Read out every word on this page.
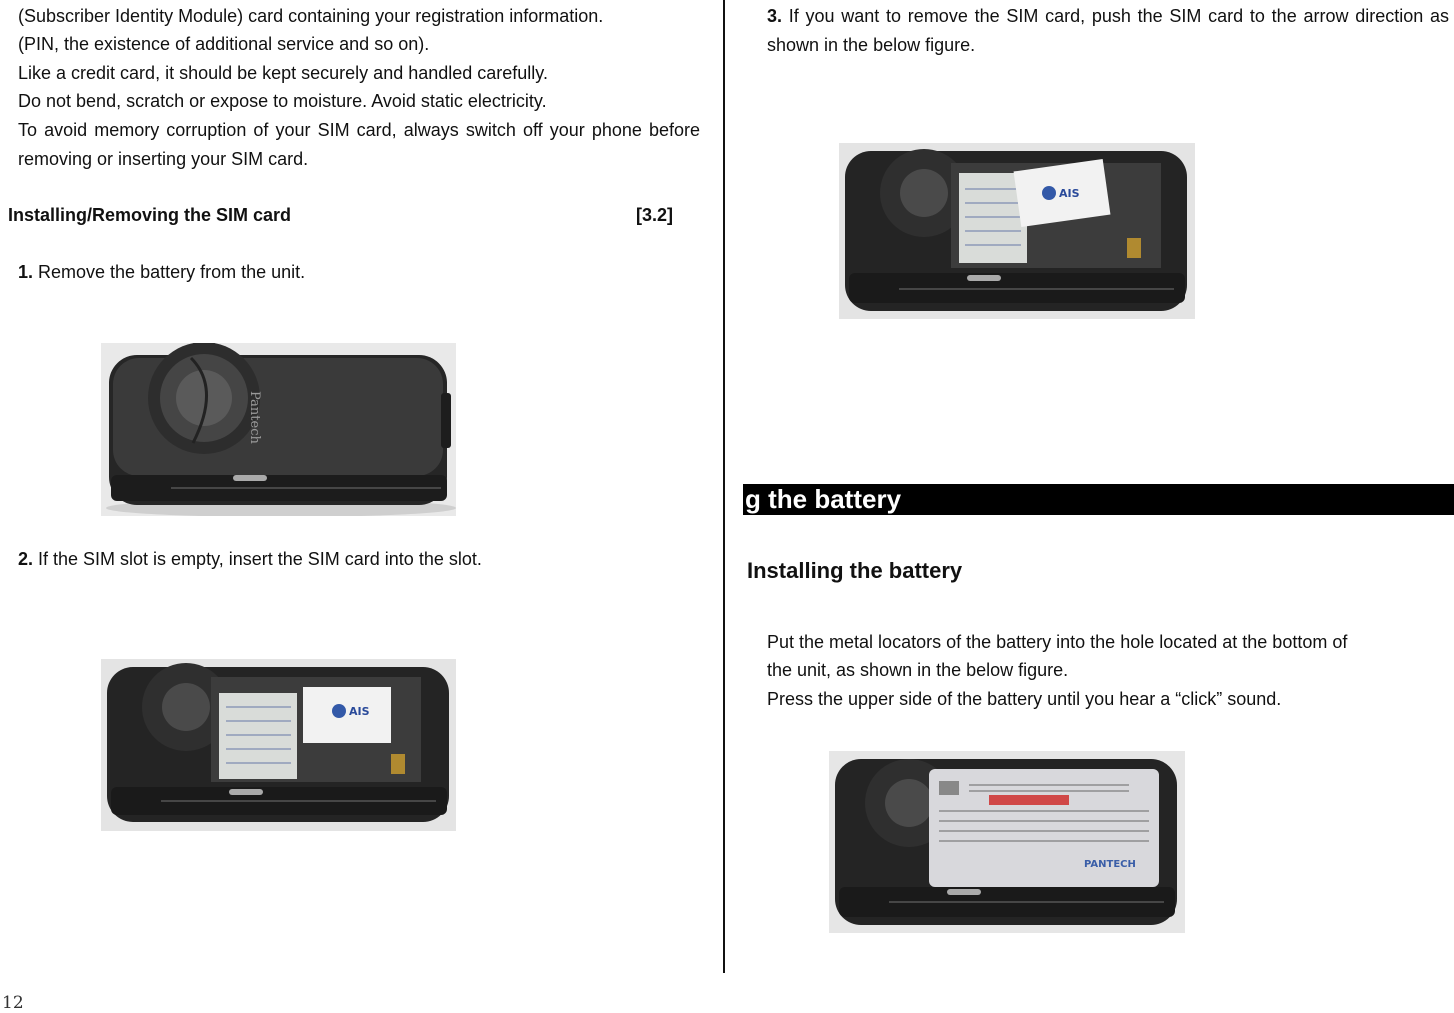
(Subscriber Identity Module) card containing your registration information.
(PIN, the existence of additional service and so on).
Like a credit card, it should be kept securely and handled carefully.
Do not bend, scratch or expose to moisture. Avoid static electricity.
To avoid memory corruption of your SIM card, always switch off your phone before removing or inserting your SIM card.
Installing/Removing the SIM card	[3.2]
1. Remove the battery from the unit.
Pantech
2. If the SIM slot is empty, insert the SIM card into the slot.
AIS
3. If you want to remove the SIM card, push the SIM card to the arrow direction as shown in the below figure.
AIS
g the battery
Installing the battery
Put the metal locators of the battery into the hole located at the bottom of
the unit, as shown in the below figure.
Press the upper side of the battery until you hear a “click” sound.
PANTECH
12
